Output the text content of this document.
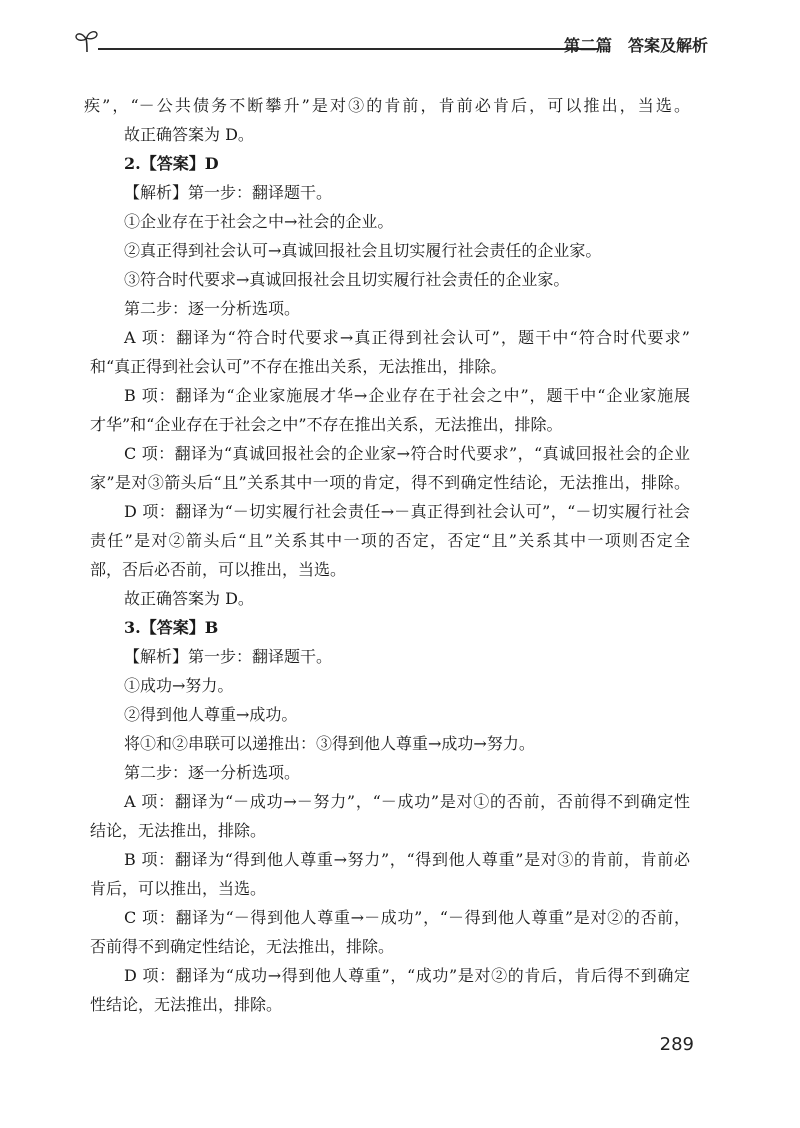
第二篇　答案及解析

疾”，“－公共债务不断攀升”是对③的肯前，肯前必肯后，可以推出，当选。

故正确答案为 D。

2.【答案】D

【解析】第一步：翻译题干。

①企业存在于社会之中→社会的企业。

②真正得到社会认可→真诚回报社会且切实履行社会责任的企业家。

③符合时代要求→真诚回报社会且切实履行社会责任的企业家。

第二步：逐一分析选项。

A 项：翻译为“符合时代要求→真正得到社会认可”，题干中“符合时代要求”

和“真正得到社会认可”不存在推出关系，无法推出，排除。

B 项：翻译为“企业家施展才华→企业存在于社会之中”，题干中“企业家施展

才华”和“企业存在于社会之中”不存在推出关系，无法推出，排除。

C 项：翻译为“真诚回报社会的企业家→符合时代要求”，“真诚回报社会的企业

家”是对③箭头后“且”关系其中一项的肯定，得不到确定性结论，无法推出，排除。

D 项：翻译为“－切实履行社会责任→－真正得到社会认可”，“－切实履行社会

责任”是对②箭头后“且”关系其中一项的否定，否定“且”关系其中一项则否定全

部，否后必否前，可以推出，当选。

故正确答案为 D。

3.【答案】B

【解析】第一步：翻译题干。

①成功→努力。

②得到他人尊重→成功。

将①和②串联可以递推出：③得到他人尊重→成功→努力。

第二步：逐一分析选项。

A 项：翻译为“－成功→－努力”，“－成功”是对①的否前，否前得不到确定性

结论，无法推出，排除。

B 项：翻译为“得到他人尊重→努力”，“得到他人尊重”是对③的肯前，肯前必

肯后，可以推出，当选。

C 项：翻译为“－得到他人尊重→－成功”，“－得到他人尊重”是对②的否前，

否前得不到确定性结论，无法推出，排除。

D 项：翻译为“成功→得到他人尊重”，“成功”是对②的肯后，肯后得不到确定

性结论，无法推出，排除。

289
